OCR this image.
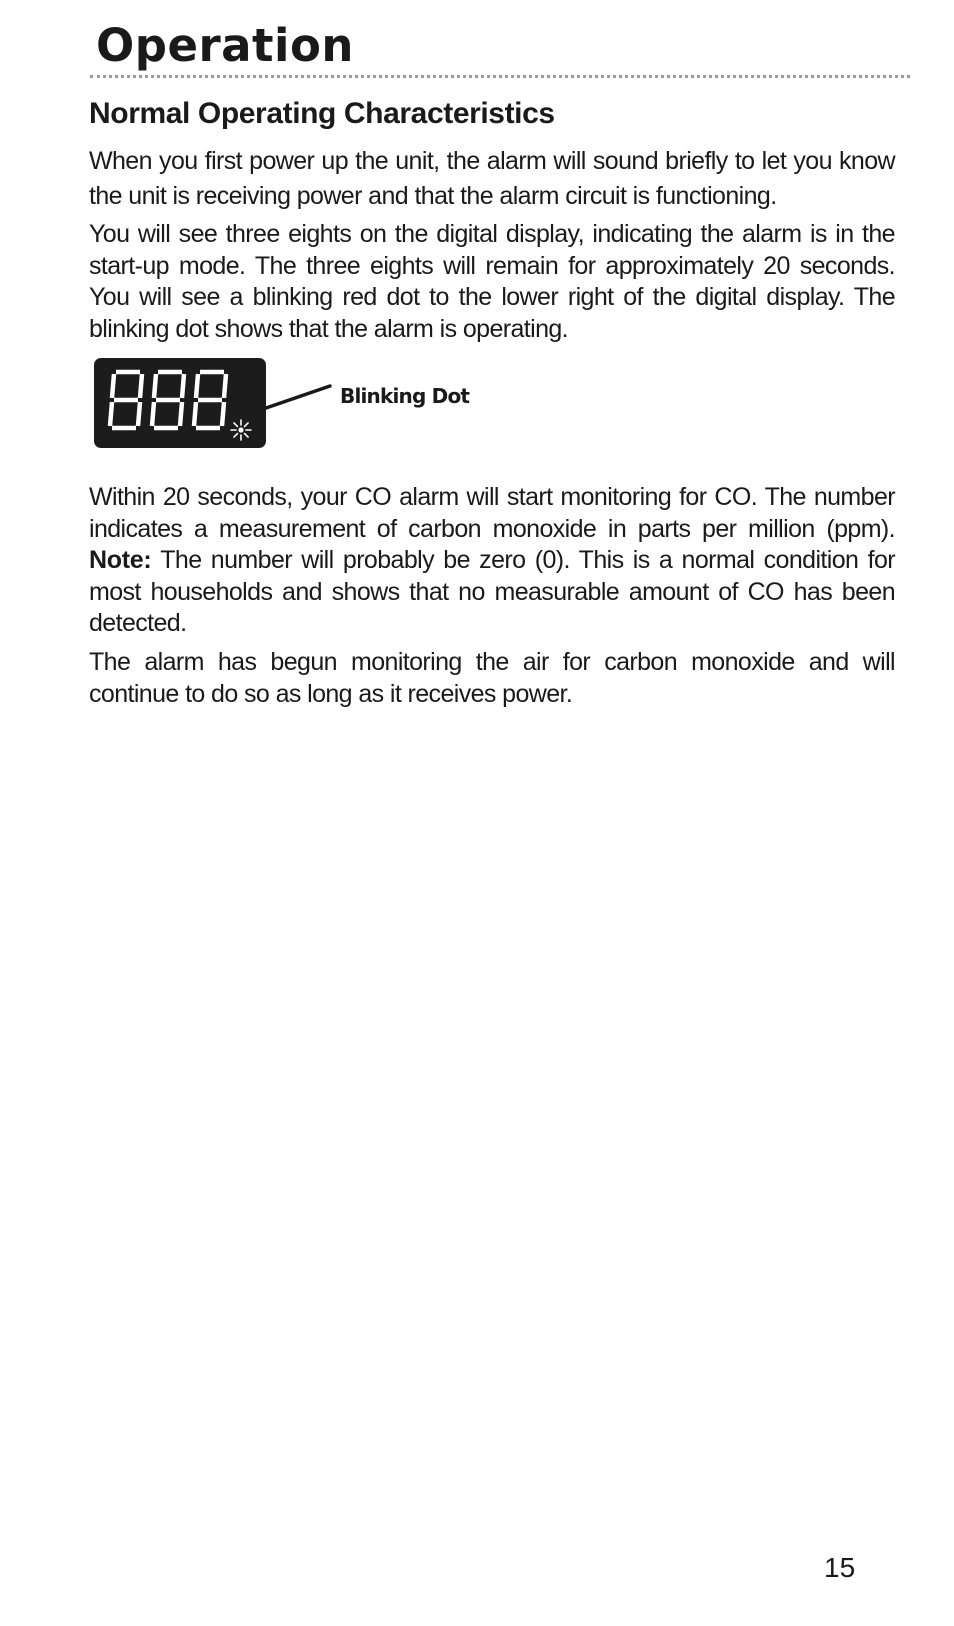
Operation
Normal Operating Characteristics

When you first power up the unit, the alarm will sound briefly to let you know the unit is receiving power and that the alarm circuit is functioning.

You will see three eights on the digital display, indicating the alarm is in the start-up mode. The three eights will remain for approximately 20 seconds. You will see a blinking red dot to the lower right of the digital display. The blinking dot shows that the alarm is operating.

Blinking Dot

Within 20 seconds, your CO alarm will start monitoring for CO. The number indicates a measurement of carbon monoxide in parts per million (ppm). Note: The number will probably be zero (0). This is a normal condition for most households and shows that no measurable amount of CO has been detected.

The alarm has begun monitoring the air for carbon monoxide and will continue to do so as long as it receives power.

15
